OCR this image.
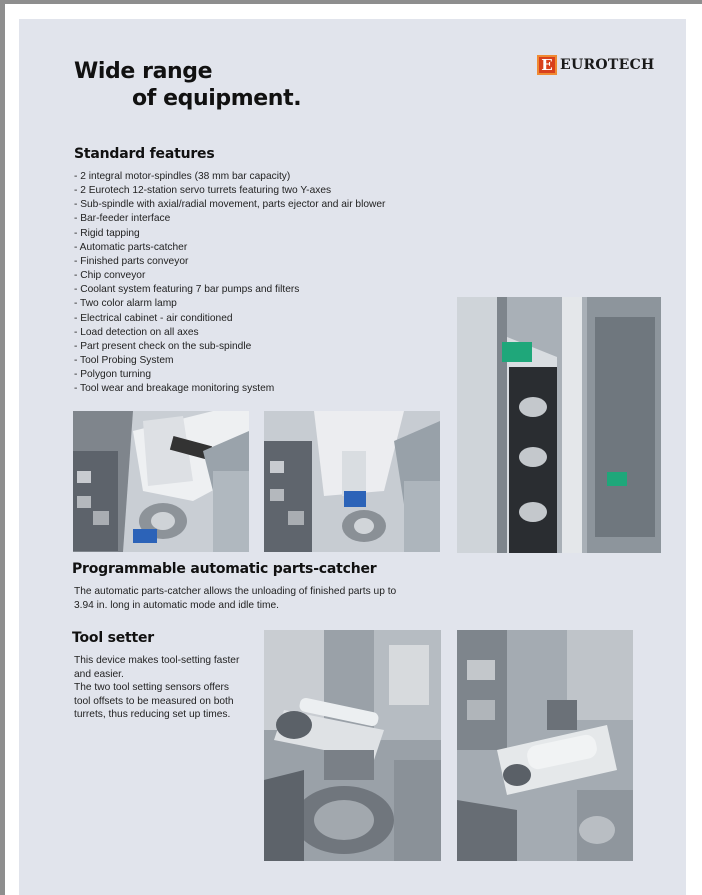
Wide range
of equipment.
E EUROTECH
Standard features
- 2 integral motor-spindles (38 mm bar capacity)
- 2 Eurotech 12-station servo turrets featuring two Y-axes
- Sub-spindle with axial/radial movement, parts ejector and air blower
- Bar-feeder interface
- Rigid tapping
- Automatic parts-catcher
- Finished parts conveyor
- Chip conveyor
- Coolant system featuring 7 bar pumps and filters
- Two color alarm lamp
- Electrical cabinet - air conditioned
- Load detection on all axes
- Part present check on the sub-spindle
- Tool Probing System
- Polygon turning
- Tool wear and breakage monitoring system
Programmable automatic parts-catcher

The automatic parts-catcher allows the unloading of finished parts up to
3.94 in. long in automatic mode and idle time.

Tool setter

This device makes tool-setting faster
and easier.
The two tool setting sensors offers
tool offsets to be measured on both
turrets, thus reducing set up times.
